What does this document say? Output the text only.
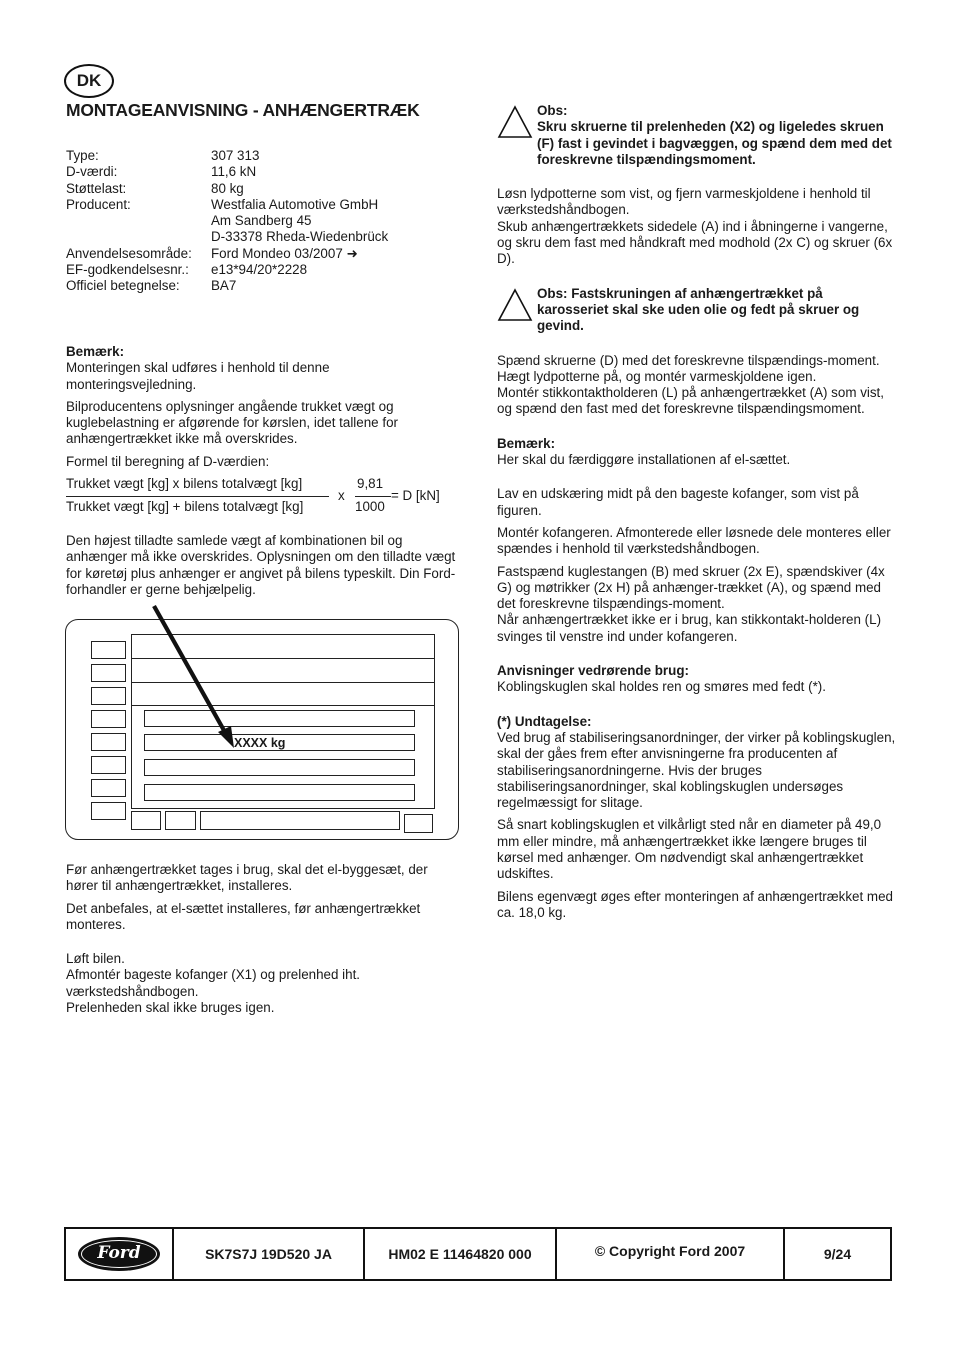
DK
MONTAGEANVISNING - ANHÆNGERTRÆK
Type:	307 313
D-værdi:	11,6 kN
Støttelast:	80 kg
Producent:	Westfalia Automotive GmbH
Am Sandberg 45
D-33378 Rheda-Wiedenbrück
Anvendelsesområde:	Ford Mondeo 03/2007 ➜
EF-godkendelsesnr.:	e13*94/20*2228
Officiel betegnelse:	BA7

Bemærk:

Monteringen skal udføres i henhold til denne monteringsvejledning.

Bilproducentens oplysninger angående trukket vægt og kuglebelastning er afgørende for kørslen, idet tallene for anhængertrækket ikke må overskrides.

Formel til beregning af D-værdien:

Trukket vægt [kg] x bilens totalvægt [kg]
Trukket vægt [kg] + bilens totalvægt [kg]
x
9,81
1000
= D [kN]

Den højest tilladte samlede vægt af kombinationen bil og anhænger må ikke overskrides. Oplysningen om den tilladte vægt for køretøj plus anhænger er angivet på bilens typeskilt. Din Ford-forhandler er gerne behjælpelig.

XXXX kg

Før anhængertrækket tages i brug, skal det el-byggesæt, der hører til anhængertrækket, installeres.

Det anbefales, at el-sættet installeres, før anhængertrækket monteres.

Løft bilen.

Afmontér bageste kofanger (X1) og prelenhed iht. værkstedshåndbogen.

Prelenheden skal ikke bruges igen.

Obs:

Skru skruerne til prelenheden (X2) og ligeledes skruen (F) fast i gevindet i bagvæggen, og spænd dem med det foreskrevne tilspændingsmoment.

Løsn lydpotterne som vist, og fjern varmeskjoldene i henhold til værkstedshåndbogen.

Skub anhængertrækkets sidedele (A) ind i åbningerne i vangerne, og skru dem fast med håndkraft med modhold (2x C) og skruer (6x D).

Obs: Fastskruningen af anhængertrækket på karosseriet skal ske uden olie og fedt på skruer og gevind.

Spænd skruerne (D) med det foreskrevne tilspændings-moment.

Hægt lydpotterne på, og montér varmeskjoldene igen.

Montér stikkontaktholderen (L) på anhængertrækket (A) som vist, og spænd den fast med det foreskrevne tilspændingsmoment.

Bemærk:

Her skal du færdiggøre installationen af el-sættet.

Lav en udskæring midt på den bageste kofanger, som vist på figuren.

Montér kofangeren. Afmonterede eller løsnede dele monteres eller spændes i henhold til værkstedshåndbogen.

Fastspænd kuglestangen (B) med skruer (2x E), spændskiver (4x G) og møtrikker (2x H) på anhænger-trækket (A), og spænd med det foreskrevne tilspændings-moment.

Når anhængertrækket ikke er i brug, kan stikkontakt-holderen (L) svinges til venstre ind under kofangeren.

Anvisninger vedrørende brug:

Koblingskuglen skal holdes ren og smøres med fedt (*).

(*) Undtagelse:

Ved brug af stabiliseringsanordninger, der virker på koblingskuglen, skal der gåes frem efter anvisningerne fra producenten af stabiliseringsanordningerne. Hvis der bruges stabiliseringsanordninger, skal koblingskuglen undersøges regelmæssigt for slitage.

Så snart koblingskuglen et vilkårligt sted når en diameter på 49,0 mm eller mindre, må anhængertrækket ikke længere bruges til kørsel med anhænger. Om nødvendigt skal anhængertrækket udskiftes.

Bilens egenvægt øges efter monteringen af anhængertrækket med ca. 18,0 kg.

Ford	SK7S7J 19D520 JA	HM02 E 11464820 000	© Copyright Ford 2007	9/24
